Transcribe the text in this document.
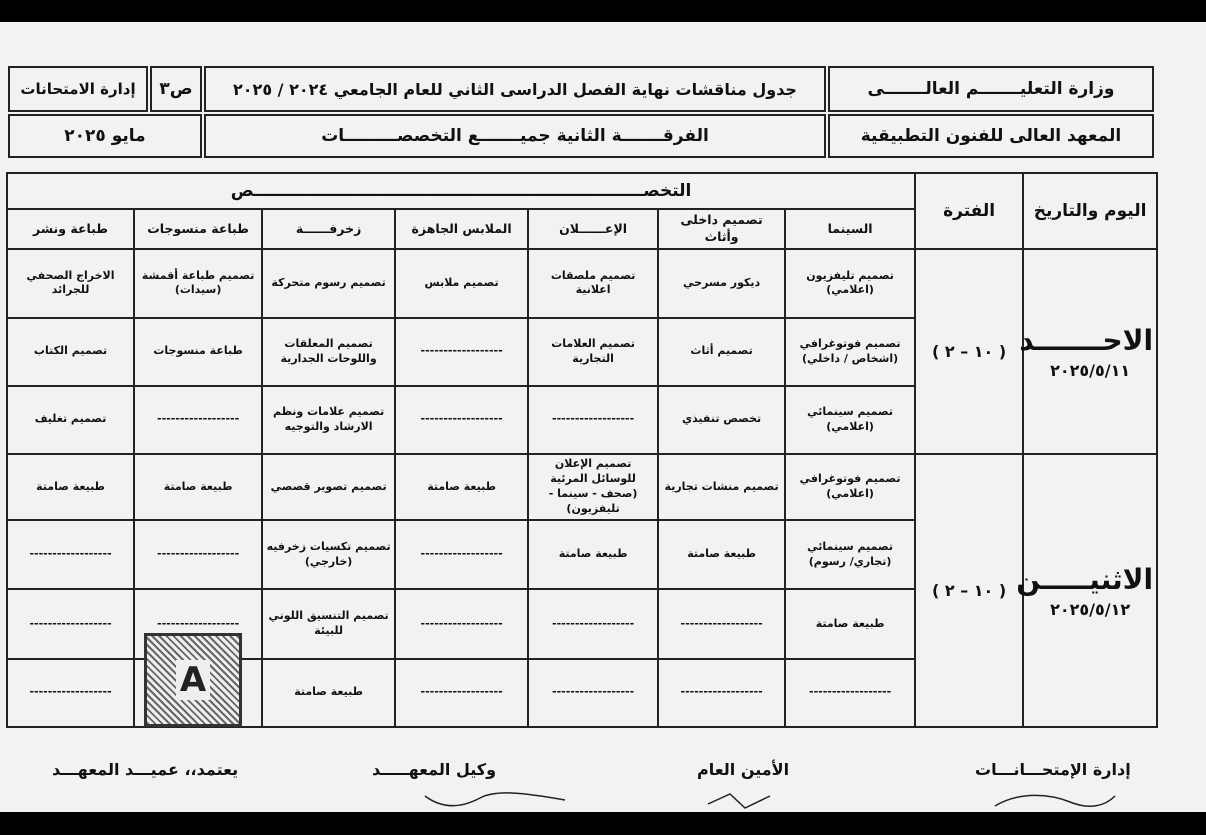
وزارة التعليـــــــم العالـــــــى
جدول مناقشات نهاية الفصل الدراسى الثاني للعام الجامعي ٢٠٢٤ / ٢٠٢٥
ص٣
إدارة الامتحانات
المعهد العالى للفنون التطبيقية
الفرقـــــــة الثانية جميـــــــع التخصصـــــــــات
مايو ٢٠٢٥
اليوم والتاريخ	الفترة	التخصـــــــــــــــــــــــــــــــــــــــــــــــــــــــــــــــــــص						
		السينما	تصميم داخلى وأثاث	الإعــــــلان	الملابس الجاهزة	زخرفــــــة	طباعة منسوجات	طباعة ونشر

الاحـــــــد
٢٠٢٥/٥/١١	( ١٠ – ٢ )	تصميم تليفزيون (اعلامي)	ديكور مسرحي	تصميم ملصقات اعلانية	تصميم ملابس	تصميم رسوم متحركة	تصميم طباعة أقمشة (سيدات)	الاخراج الصحفي للجرائد
		تصميم فوتوغرافي (اشخاص / داخلي)	تصميم أثاث	تصميم العلامات التجارية	------------------	تصميم المعلقات واللوحات الجدارية	طباعة منسوجات	تصميم الكتاب
		تصميم سينمائي (اعلامي)	تخصص تنفيذي	------------------	------------------	تصميم علامات ونظم الارشاد والتوجيه	------------------	تصميم تغليف

الاثنيـــــن
٢٠٢٥/٥/١٢	( ١٠ – ٢ )	تصميم فوتوغرافي (اعلامي)	تصميم منشات تجارية	تصميم الإعلان للوسائل المرئية (صحف - سينما - تليفزيون)	طبيعة صامتة	تصميم تصوير قصصي	طبيعة صامتة	طبيعة صامتة
		تصميم سينمائي (تجاري/ رسوم)	طبيعة صامتة	طبيعة صامتة	------------------	تصميم تكسيات زخرفيه (خارجي)	------------------	------------------
		طبيعة صامتة	------------------	------------------	------------------	تصميم التنسيق اللوني للبيئة	------------------	------------------
		------------------	------------------	------------------	------------------	طبيعة صامتة		------------------ A
إدارة الإمتحـــانـــات
الأمين العام
وكيل المعهـــــد
يعتمد،، عميـــد المعهـــد
